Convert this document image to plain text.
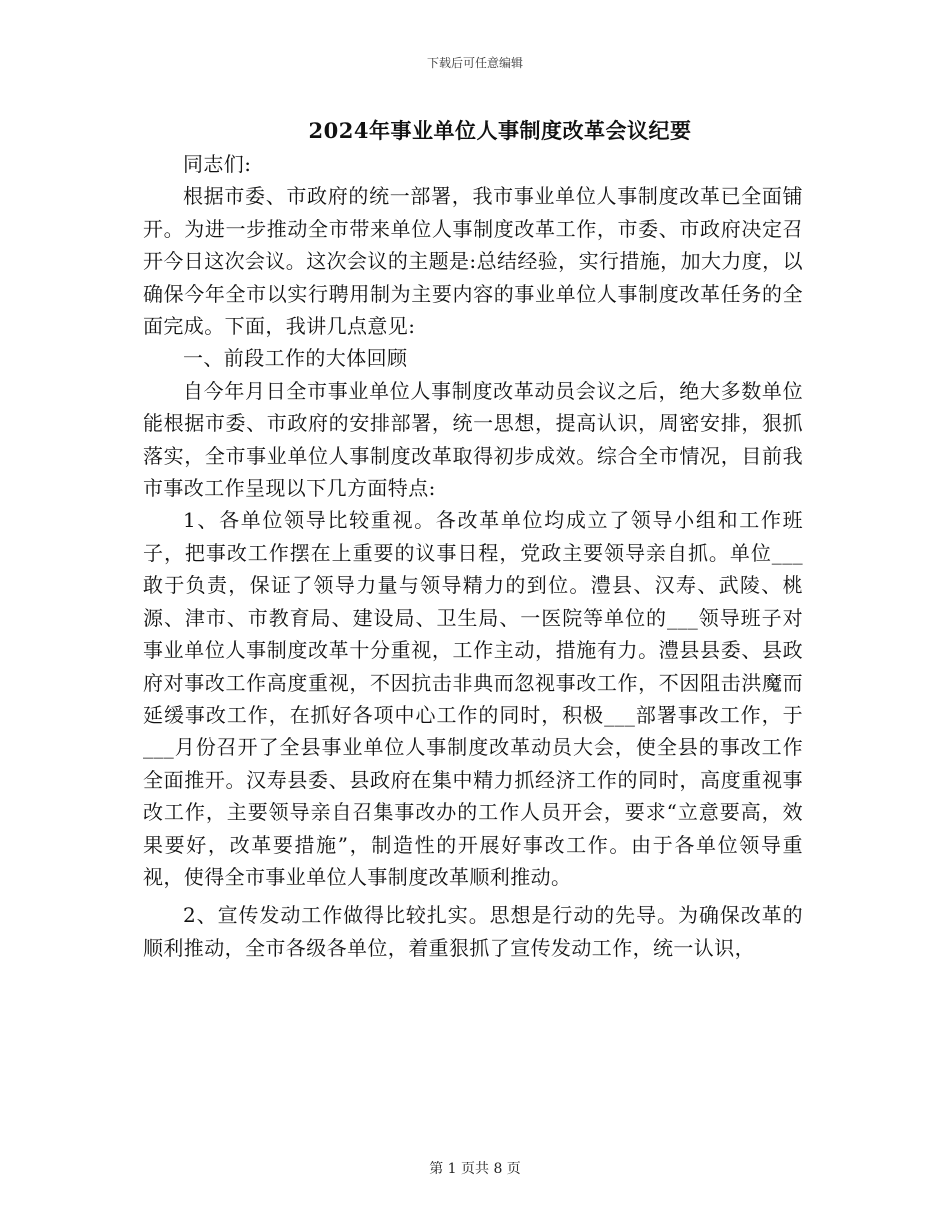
下载后可任意编辑
2024年事业单位人事制度改革会议纪要

同志们:

根据市委、市政府的统一部署，我市事业单位人事制度改革已全面铺开。为进一步推动全市带来单位人事制度改革工作，市委、市政府决定召开今日这次会议。这次会议的主题是:总结经验，实行措施，加大力度，以确保今年全市以实行聘用制为主要内容的事业单位人事制度改革任务的全面完成。下面，我讲几点意见:

一、前段工作的大体回顾

自今年月日全市事业单位人事制度改革动员会议之后，绝大多数单位能根据市委、市政府的安排部署，统一思想，提高认识，周密安排，狠抓落实，全市事业单位人事制度改革取得初步成效。综合全市情况，目前我市事改工作呈现以下几方面特点:

1、各单位领导比较重视。各改革单位均成立了领导小组和工作班子，把事改工作摆在上重要的议事日程，党政主要领导亲自抓。单位___敢于负责，保证了领导力量与领导精力的到位。澧县、汉寿、武陵、桃源、津市、市教育局、建设局、卫生局、一医院等单位的___领导班子对事业单位人事制度改革十分重视，工作主动，措施有力。澧县县委、县政府对事改工作高度重视，不因抗击非典而忽视事改工作，不因阻击洪魔而延缓事改工作，在抓好各项中心工作的同时，积极___部署事改工作，于___月份召开了全县事业单位人事制度改革动员大会，使全县的事改工作全面推开。汉寿县委、县政府在集中精力抓经济工作的同时，高度重视事改工作，主要领导亲自召集事改办的工作人员开会，要求“立意要高，效果要好，改革要措施”，制造性的开展好事改工作。由于各单位领导重视，使得全市事业单位人事制度改革顺利推动。

2、宣传发动工作做得比较扎实。思想是行动的先导。为确保改革的顺利推动，全市各级各单位，着重狠抓了宣传发动工作，统一认识，

第 1 页共 8 页
